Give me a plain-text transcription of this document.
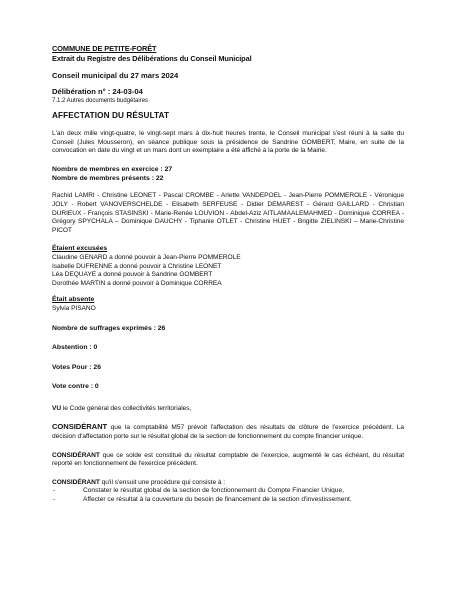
COMMUNE DE PETITE-FORÊT
Extrait du Registre des Délibérations du Conseil Municipal
Conseil municipal du 27 mars 2024
Délibération n° : 24-03-04
7.1.2 Autres documents budgétaires
AFFECTATION DU RÉSULTAT

L'an deux mille vingt-quatre, le vingt-sept mars à dix-huit heures trente, le Conseil municipal s'est réuni à la salle du Conseil (Jules Mousseron), en séance publique sous la présidence de Sandrine GOMBERT, Maire, en suite de la convocation en date du vingt et un mars dont un exemplaire a été affiché à la porte de la Mairie.

Nombre de membres en exercice : 27
Nombre de membres présents : 22

Rachid LAMRI - Christine LEONET - Pascal CROMBE - Arlette VANDEPOEL - Jean-Pierre POMMEROLE - Véronique JOLY - Robert VANOVERSCHELDE - Elisabeth SERFEUSE - Didier DEMAREST - Gérard GAILLARD - Christian DURIEUX - François STASINSKI - Marie-Renée LOUVION - Abdel-Aziz AITLAMAALEMAHMED - Dominique CORREA - Grégory SPYCHALA – Dominique DAUCHY - Tiphanie OTLET - Christine HUET - Brigitte ZIELINSKI – Marie-Christine PICOT

Étaient excusées
Claudine GENARD a donné pouvoir à Jean-Pierre POMMEROLE
Isabelle DUFRENNE a donné pouvoir à Christine LEONET
Léa DEQUAYE a donné pouvoir à Sandrine GOMBERT
Dorothée MARTIN a donné pouvoir à Dominique CORREA
Était absente
Sylvia PISANO
Nombre de suffrages exprimés : 26
Abstention : 0
Votes Pour : 26
Vote contre : 0

VU le Code général des collectivités territoriales,

CONSIDÉRANT que la comptabilité M57 prévoit l'affectation des résultats de clôture de l'exercice précédent. La décision d'affectation porte sur le résultat global de la section de fonctionnement du compte financier unique.

CONSIDÉRANT que ce solde est constitué du résultat comptable de l'exercice, augmenté le cas échéant, du résultat reporté en fonctionnement de l'exercice précédent.

CONSIDÉRANT qu'il s'ensuit une procédure qui consiste à :

-	Constater le résultat global de la section de fonctionnement du Compte Financier Unique,
-	Affecter ce résultat à la couverture du besoin de financement de la section d'investissement.
